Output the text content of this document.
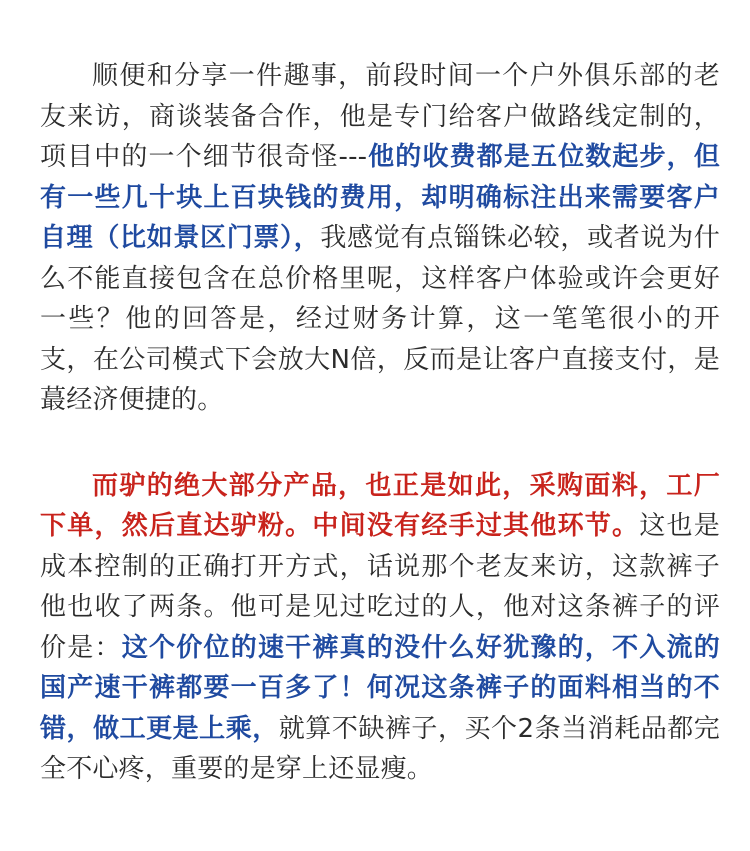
顺便和分享一件趣事，前段时间一个户外俱乐部的老友来访，商谈装备合作，他是专门给客户做路线定制的，项目中的一个细节很奇怪---他的收费都是五位数起步，但有一些几十块上百块钱的费用，却明确标注出来需要客户自理（比如景区门票），我感觉有点锱铢必较，或者说为什么不能直接包含在总价格里呢，这样客户体验或许会更好一些？他的回答是，经过财务计算，这一笔笔很小的开支，在公司模式下会放大N倍，反而是让客户直接支付，是蕞经济便捷的。

而驴的绝大部分产品，也正是如此，采购面料，工厂下单，然后直达驴粉。中间没有经手过其他环节。这也是成本控制的正确打开方式，话说那个老友来访，这款裤子他也收了两条。他可是见过吃过的人，他对这条裤子的评价是：这个价位的速干裤真的没什么好犹豫的，不入流的国产速干裤都要一百多了！何况这条裤子的面料相当的不错，做工更是上乘，就算不缺裤子，买个2条当消耗品都完全不心疼，重要的是穿上还显瘦。
